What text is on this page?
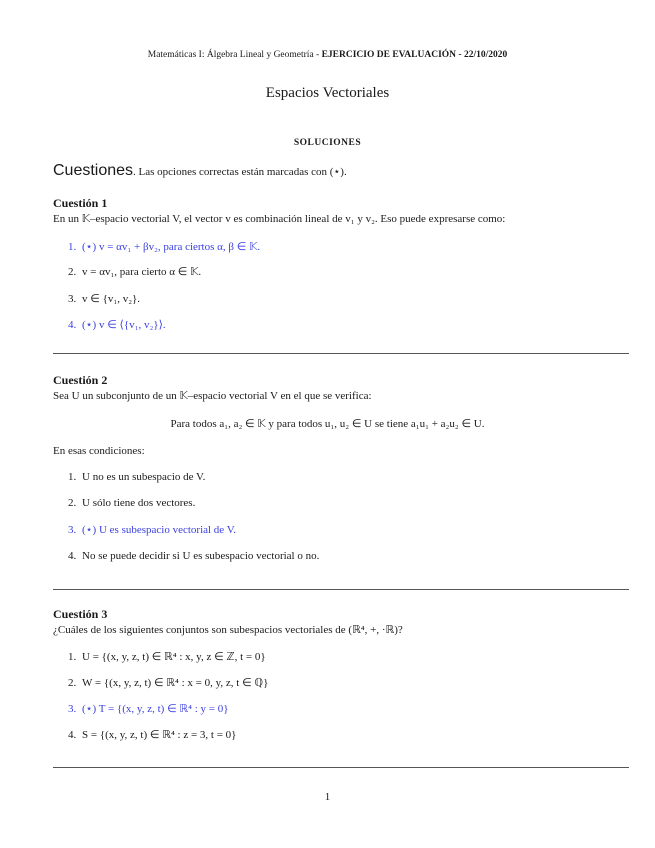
Matemáticas I: Álgebra Lineal y Geometría - EJERCICIO DE EVALUACIÓN - 22/10/2020
Espacios Vectoriales
SOLUCIONES
Cuestiones. Las opciones correctas están marcadas con (⋆).
Cuestión 1
En un 𝕂–espacio vectorial V, el vector v es combinación lineal de v₁ y v₂. Eso puede expresarse como:
1. (⋆) v = αv₁ + βv₂, para ciertos α, β ∈ 𝕂.
2. v = αv₁, para cierto α ∈ 𝕂.
3. v ∈ {v₁, v₂}.
4. (⋆) v ∈ ⟨{v₁, v₂}⟩.
Cuestión 2
Sea U un subconjunto de un 𝕂–espacio vectorial V en el que se verifica:
Para todos a₁, a₂ ∈ 𝕂 y para todos u₁, u₂ ∈ U se tiene a₁u₁ + a₂u₂ ∈ U.
En esas condiciones:
1. U no es un subespacio de V.
2. U sólo tiene dos vectores.
3. (⋆) U es subespacio vectorial de V.
4. No se puede decidir si U es subespacio vectorial o no.
Cuestión 3
¿Cuáles de los siguientes conjuntos son subespacios vectoriales de (ℝ⁴, +, ·ℝ)?
1. U = {(x, y, z, t) ∈ ℝ⁴ : x, y, z ∈ ℤ, t = 0}
2. W = {(x, y, z, t) ∈ ℝ⁴ : x = 0, y, z, t ∈ ℚ}
3. (⋆) T = {(x, y, z, t) ∈ ℝ⁴ : y = 0}
4. S = {(x, y, z, t) ∈ ℝ⁴ : z = 3, t = 0}
1
